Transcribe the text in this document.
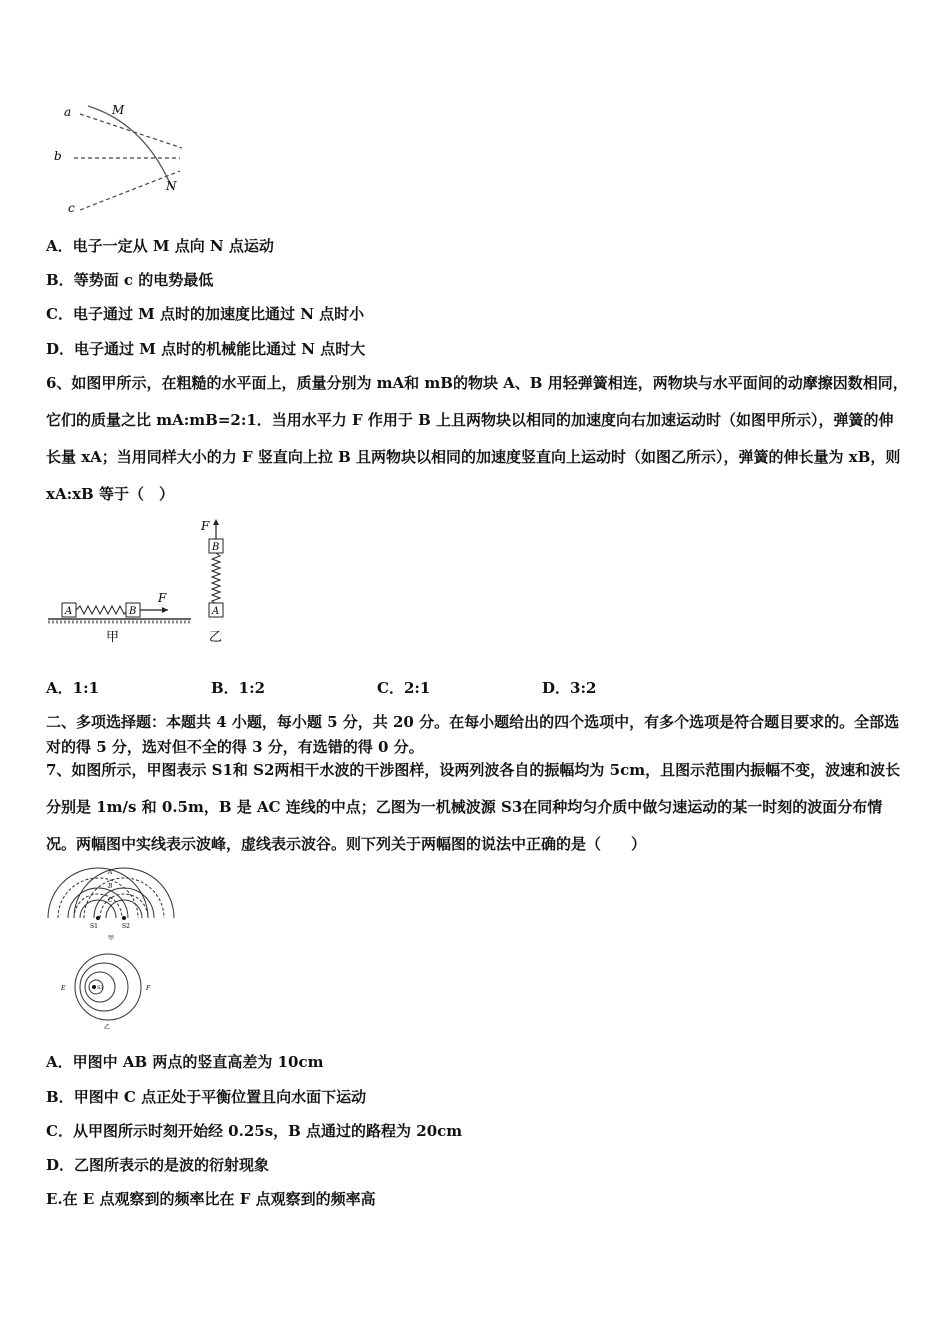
a	M
b
N
c
A．电子一定从 M 点向 N 点运动
B．等势面 c 的电势最低
C．电子通过 M 点时的加速度比通过 N 点时小
D．电子通过 M 点时的机械能比通过 N 点时大
6、如图甲所示，在粗糙的水平面上，质量分别为 mA和 mB的物块 A、B 用轻弹簧相连，两物块与水平面间的动摩擦因数相同，它们的质量之比 mA:mB=2:1．当用水平力 F 作用于 B 上且两物块以相同的加速度向右加速运动时（如图甲所示），弹簧的伸长量 xA；当用同样大小的力 F 竖直向上拉 B 且两物块以相同的加速度竖直向上运动时（如图乙所示），弹簧的伸长量为 xB，则 xA:xB 等于（　）
A	B
F
甲
F
B
A
乙
A．1:1	B．1:2	C．2:1	D．3:2
二、多项选择题：本题共 4 小题，每小题 5 分，共 20 分。在每小题给出的四个选项中，有多个选项是符合题目要求的。全部选对的得 5 分，选对但不全的得 3 分，有选错的得 0 分。
7、如图所示，甲图表示 S1和 S2两相干水波的干涉图样，设两列波各自的振幅均为 5cm，且图示范围内振幅不变，波速和波长分别是 1m/s 和 0.5m，B 是 AC 连线的中点；乙图为一机械波源 S3在同种均匀介质中做匀速运动的某一时刻的波面分布情况。两幅图中实线表示波峰，虚线表示波谷。则下列关于两幅图的说法中正确的是（　　）
S1	S2
A
B
C
甲
S3
E	F
乙
A．甲图中 AB 两点的竖直高差为 10cm
B．甲图中 C 点正处于平衡位置且向水面下运动
C．从甲图所示时刻开始经 0.25s，B 点通过的路程为 20cm
D．乙图所表示的是波的衍射现象
E.在 E 点观察到的频率比在 F 点观察到的频率高
